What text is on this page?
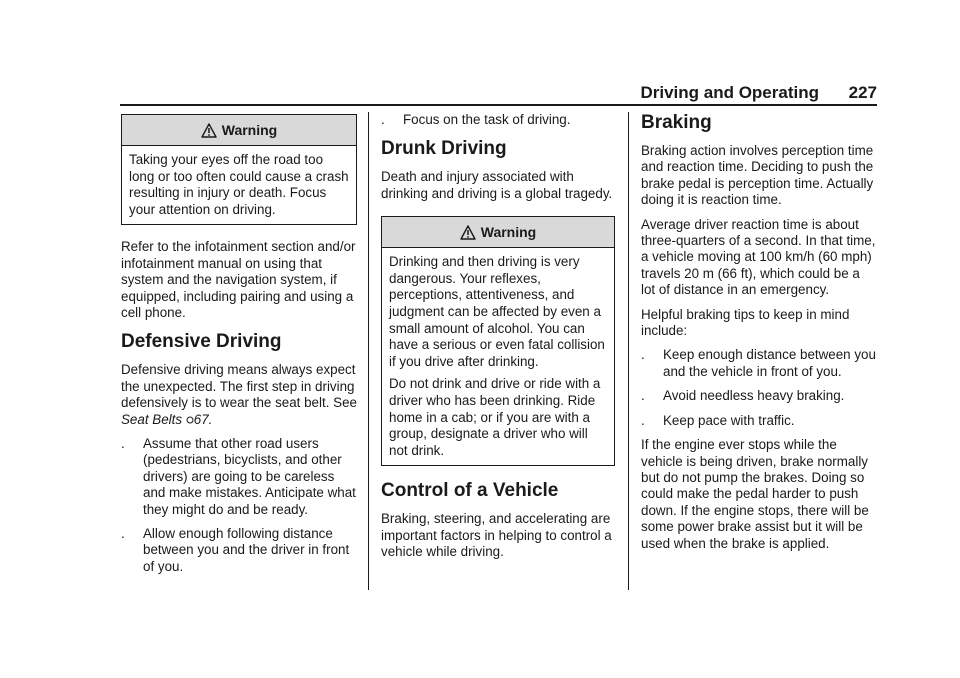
Driving and Operating 227
Warning

Taking your eyes off the road too long or too often could cause a crash resulting in injury or death. Focus your attention on driving.

Refer to the infotainment section and/or infotainment manual on using that system and the navigation system, if equipped, including pairing and using a cell phone.

Defensive Driving

Defensive driving means always expect the unexpected. The first step in driving defensively is to wear the seat belt. See Seat Belts 67.

.	Assume that other road users (pedestrians, bicyclists, and other drivers) are going to be careless and make mistakes. Anticipate what they might do and be ready.
.	Allow enough following distance between you and the driver in front of you.
.	Focus on the task of driving.
Drunk Driving

Death and injury associated with drinking and driving is a global tragedy.

Warning

Drinking and then driving is very dangerous. Your reflexes, perceptions, attentiveness, and judgment can be affected by even a small amount of alcohol. You can have a serious or even fatal collision if you drive after drinking.

Do not drink and drive or ride with a driver who has been drinking. Ride home in a cab; or if you are with a group, designate a driver who will not drink.

Control of a Vehicle

Braking, steering, and accelerating are important factors in helping to control a vehicle while driving.

Braking

Braking action involves perception time and reaction time. Deciding to push the brake pedal is perception time. Actually doing it is reaction time.

Average driver reaction time is about three-quarters of a second. In that time, a vehicle moving at 100 km/h (60 mph) travels 20 m (66 ft), which could be a lot of distance in an emergency.

Helpful braking tips to keep in mind include:

.	Keep enough distance between you and the vehicle in front of you.
.	Avoid needless heavy braking.
.	Keep pace with traffic.

If the engine ever stops while the vehicle is being driven, brake normally but do not pump the brakes. Doing so could make the pedal harder to push down. If the engine stops, there will be some power brake assist but it will be used when the brake is applied.
